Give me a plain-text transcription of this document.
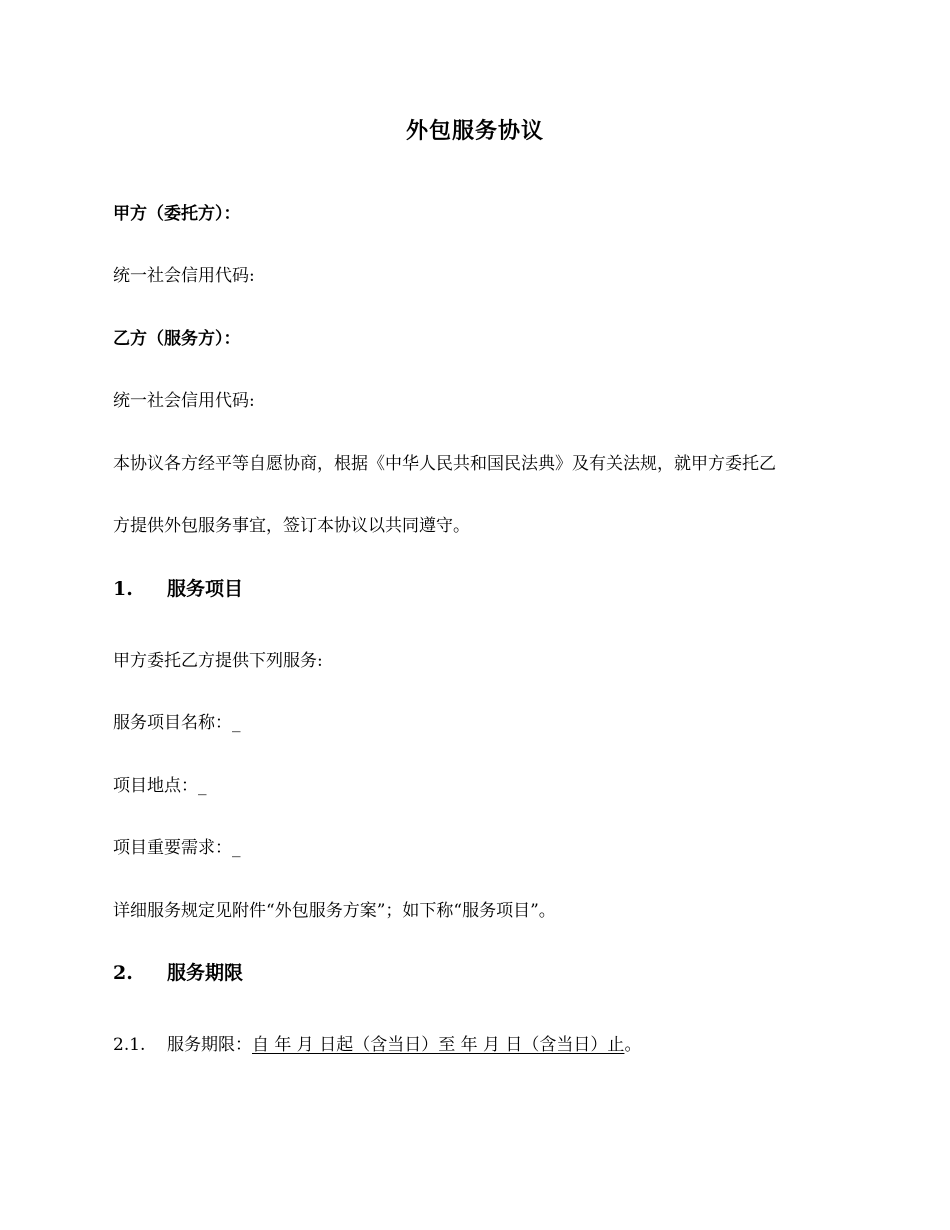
外包服务协议
甲方（委托方）：
统一社会信用代码:
乙方（服务方）：
统一社会信用代码:
本协议各方经平等自愿协商，根据《中华人民共和国民法典》及有关法规，就甲方委托乙
方提供外包服务事宜，签订本协议以共同遵守。
1. 服务项目
甲方委托乙方提供下列服务:
服务项目名称：_
项目地点：_
项目重要需求：_
详细服务规定见附件“外包服务方案”；如下称“服务项目”。
2. 服务期限
2.1. 服务期限：自 年 月 日起（含当日）至 年 月 日（含当日）止。
